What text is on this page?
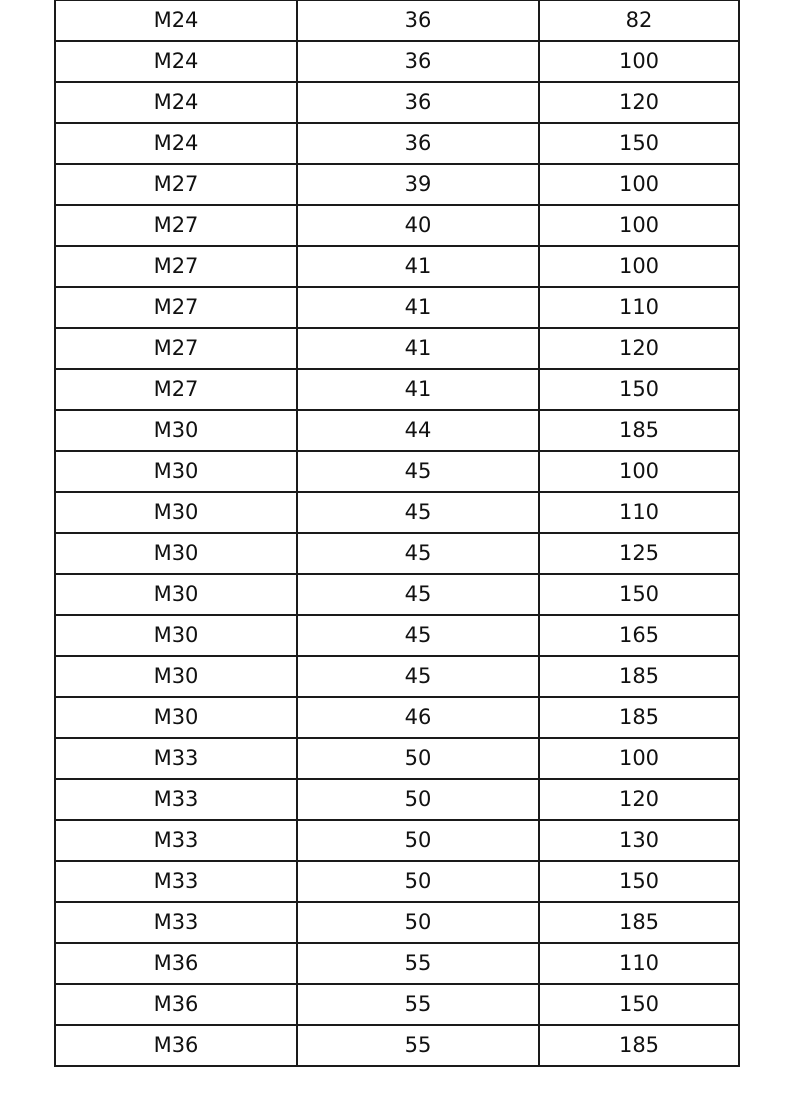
M24	36	82
M24	36	100
M24	36	120
M24	36	150
M27	39	100
M27	40	100
M27	41	100
M27	41	110
M27	41	120
M27	41	150
M30	44	185
M30	45	100
M30	45	110
M30	45	125
M30	45	150
M30	45	165
M30	45	185
M30	46	185
M33	50	100
M33	50	120
M33	50	130
M33	50	150
M33	50	185
M36	55	110
M36	55	150
M36	55	185
